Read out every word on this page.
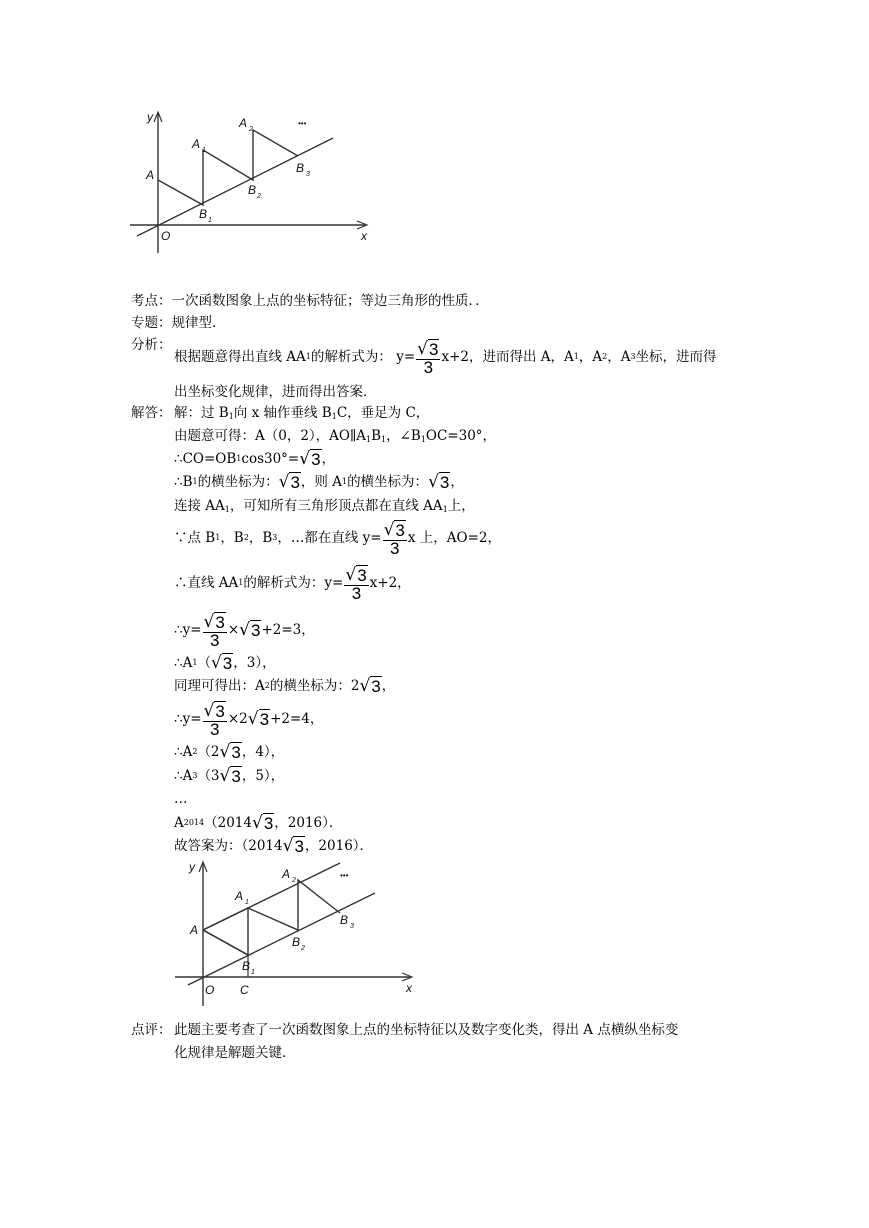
y
x
O
A
A 1
A 2
B 1
B 2
B 3
•••
考点：一次函数图象上点的坐标特征；等边三角形的性质．．
专题：规律型．
分析：
根据题意得出直线 AA 1 的解析式为：
$y= \frac{√ 3}{3} x+2$，进而得出 A，A 1 ，A 2 ，A 3 坐标，进而得
出坐标变化规律，进而得出答案．
解答： 解：过 $B_1$向 x 轴作垂线 $B_1C$，垂足为 C，
由题意可得：A（0，2），$AO\parallel A_1B_1$，$\angle B_1OC=30^\circ$，
∴CO=OB 1 cos30°= √ 3 ，
∴B 1 的横坐标为： √ 3 ，则 A 1 的横坐标为： √ 3 ，
连接 $AA_1$，可知所有三角形顶点都在直线 $AA_1$上，
∵点 B 1 ，B 2 ，B 3 ，…都在直线 $y= \frac{√ 3}{3}$ x 上，AO=2，
∴直线 AA 1 的解析式为：$y= \frac{√ 3}{3} x+2$，
∴y= $\frac{√ 3}{3}$ × √ 3 +2=3，
∴A 1 （ √ 3 ，3），
同理可得出：A 2 的横坐标为：2 √ 3 ，
∴y= $\frac{√ 3}{3} \times 2$ √ 3 +2=4，
∴A 2 （2 √ 3 ，4），
∴A 3 （3 √ 3 ，5），
…
A 2014 （2014 √ 3 ，2016）．
故答案为：（2014 √ 3 ，2016）．
y
x
O C
A
A 1
A 2
B 1
B 2
B 3
•••
点评： 此题主要考查了一次函数图象上点的坐标特征以及数字变化类，得出 A 点横纵坐标变
化规律是解题关键．
